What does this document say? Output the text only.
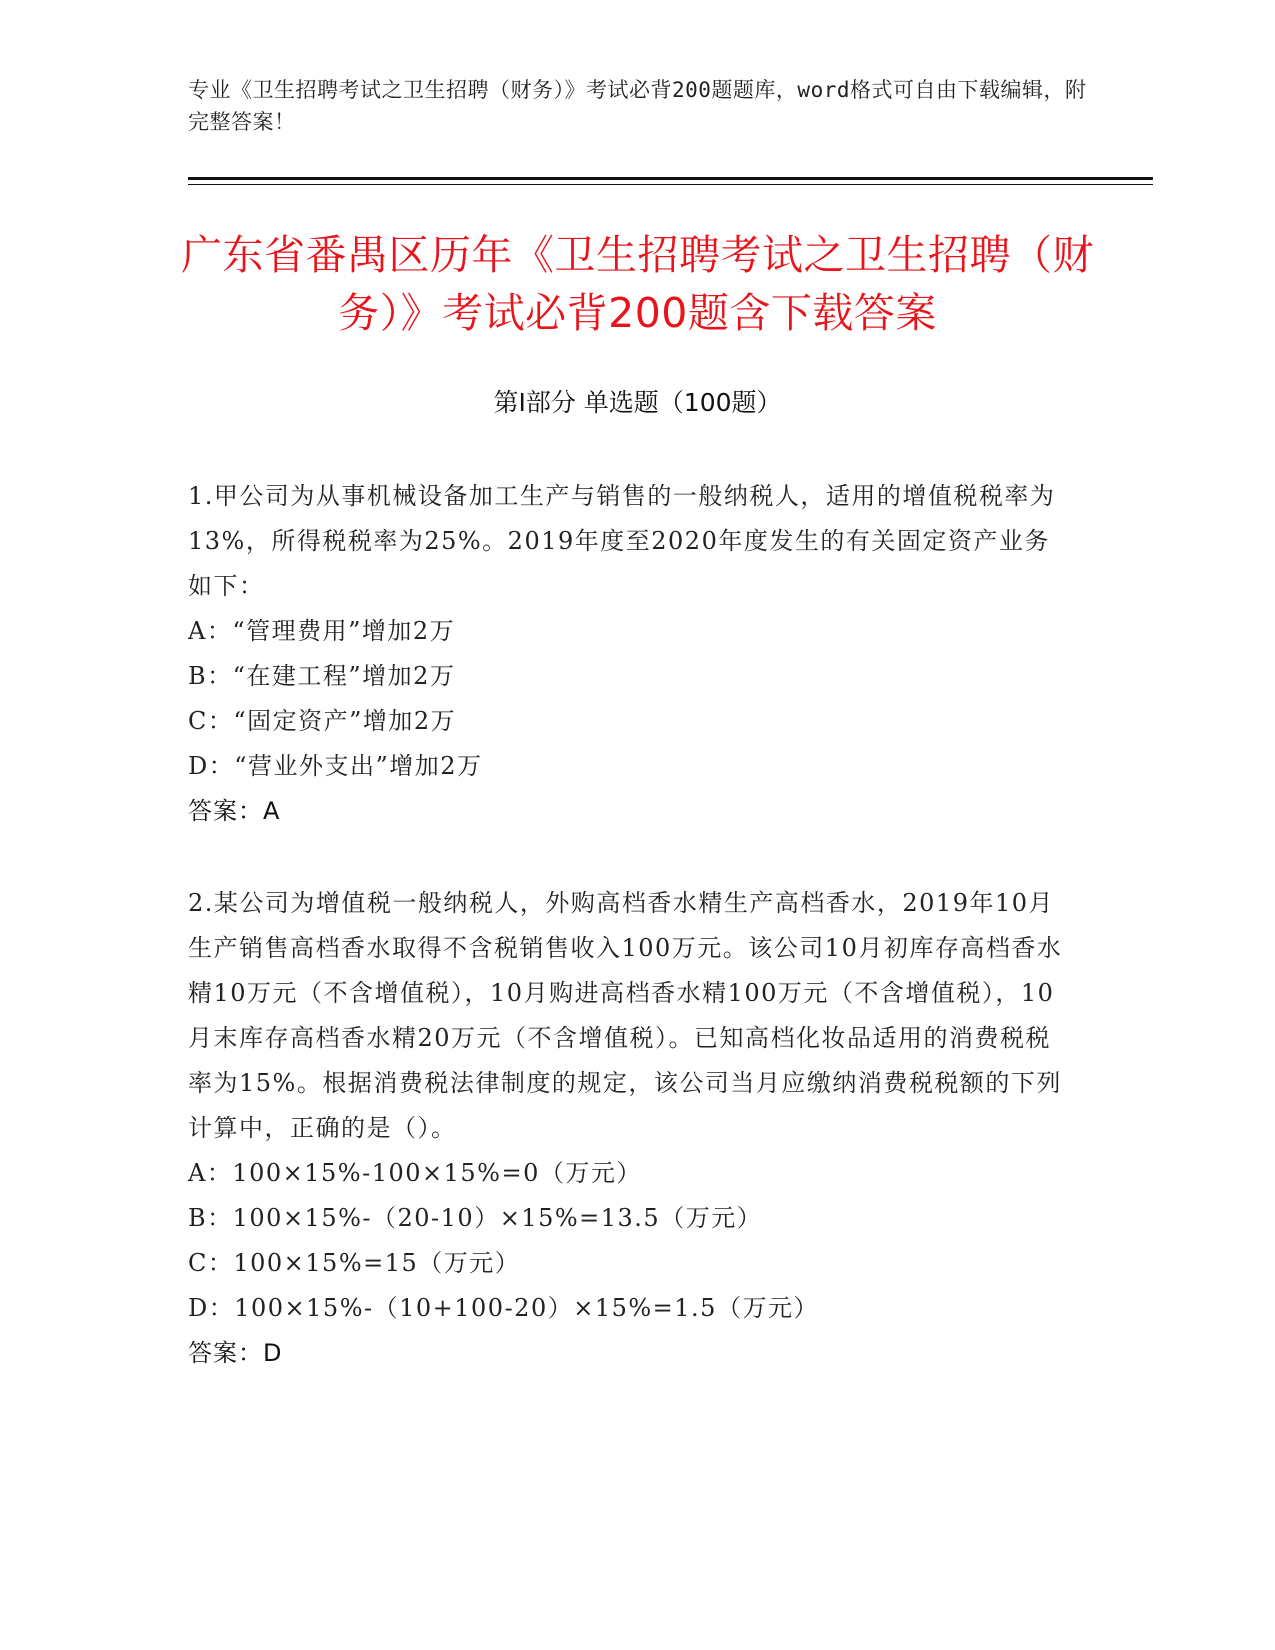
专业《卫生招聘考试之卫生招聘（财务）》考试必背200题题库，word格式可自由下载编辑，附完整答案！
广东省番禺区历年《卫生招聘考试之卫生招聘（财务）》考试必背200题含下载答案
第I部分 单选题（100题）
1.甲公司为从事机械设备加工生产与销售的一般纳税人，适用的增值税税率为13%，所得税税率为25%。2019年度至2020年度发生的有关固定资产业务如下：
A：“管理费用”增加2万
B：“在建工程”增加2万
C：“固定资产”增加2万
D：“营业外支出”增加2万
答案：A
2.某公司为增值税一般纳税人，外购高档香水精生产高档香水，2019年10月生产销售高档香水取得不含税销售收入100万元。该公司10月初库存高档香水精10万元（不含增值税），10月购进高档香水精100万元（不含增值税），10月末库存高档香水精20万元（不含增值税）。已知高档化妆品适用的消费税税率为15%。根据消费税法律制度的规定，该公司当月应缴纳消费税税额的下列计算中，正确的是（）。
A：100×15%-100×15%=0（万元）
B：100×15%-（20-10）×15%=13.5（万元）
C：100×15%=15（万元）
D：100×15%-（10+100-20）×15%=1.5（万元）
答案：D
